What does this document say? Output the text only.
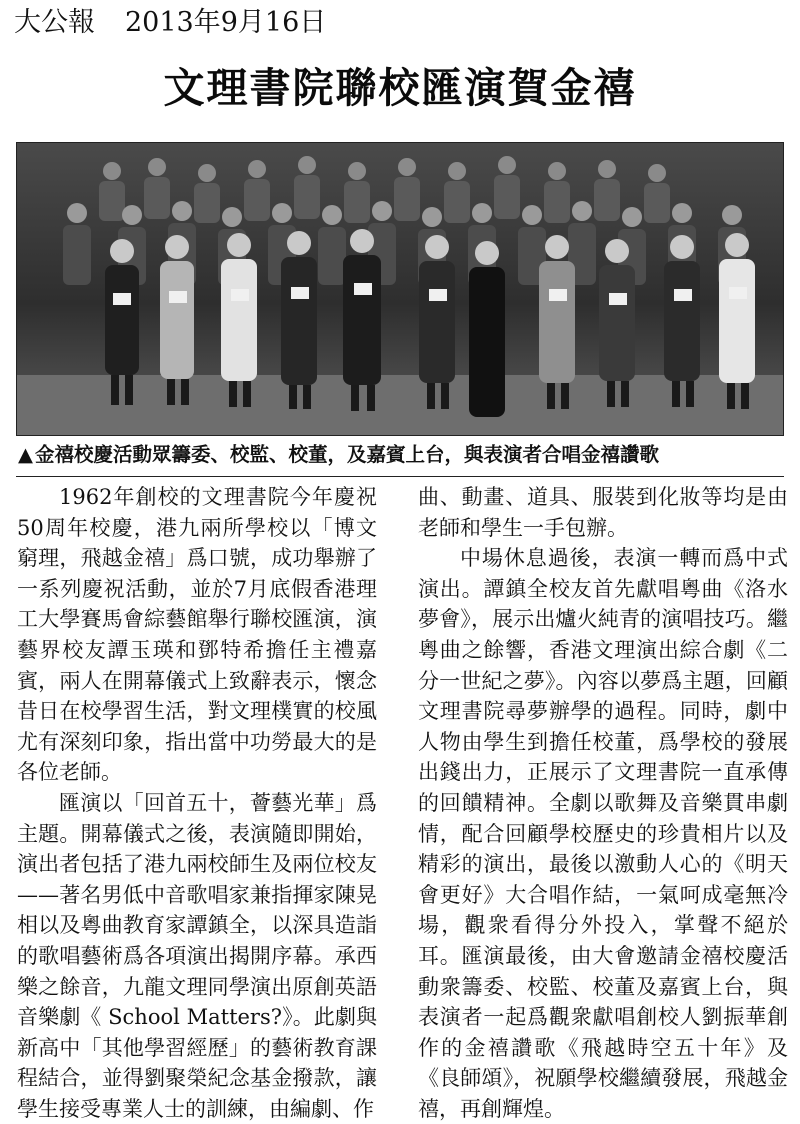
大公報 2013年9月16日
文理書院聯校匯演賀金禧
▲ 金禧校慶活動眾籌委、校監、校董，及嘉賓上台，與表演者合唱金禧讚歌

1962年創校的文理書院今年慶祝50周年校慶，港九兩所學校以「博文窮理，飛越金禧」爲口號，成功舉辦了一系列慶祝活動，並於7月底假香港理工大學賽馬會綜藝館舉行聯校匯演，演藝界校友譚玉瑛和鄧特希擔任主禮嘉賓，兩人在開幕儀式上致辭表示，懷念昔日在校學習生活，對文理樸實的校風尤有深刻印象，指出當中功勞最大的是各位老師。

匯演以「回首五十，薈藝光華」爲主題。開幕儀式之後，表演隨即開始，演出者包括了港九兩校師生及兩位校友——著名男低中音歌唱家兼指揮家陳晃相以及粵曲教育家譚鎮全，以深具造詣的歌唱藝術爲各項演出揭開序幕。承西樂之餘音，九龍文理同學演出原創英語音樂劇《 School Matters?》。此劇與新高中「其他學習經歷」的藝術教育課程結合，並得劉聚榮紀念基金撥款，讓學生接受專業人士的訓練，由編劇、作

曲、動畫、道具、服裝到化妝等均是由老師和學生一手包辦。

中場休息過後，表演一轉而爲中式演出。譚鎮全校友首先獻唱粵曲《洛水夢會》，展示出爐火純青的演唱技巧。繼粵曲之餘響，香港文理演出綜合劇《二分一世紀之夢》。內容以夢爲主題，回顧文理書院尋夢辦學的過程。同時，劇中人物由學生到擔任校董，爲學校的發展出錢出力，正展示了文理書院一直承傳的回饋精神。全劇以歌舞及音樂貫串劇情，配合回顧學校歷史的珍貴相片以及精彩的演出，最後以激動人心的《明天會更好》大合唱作結，一氣呵成毫無冷場，觀衆看得分外投入，掌聲不絕於耳。匯演最後，由大會邀請金禧校慶活動衆籌委、校監、校董及嘉賓上台，與表演者一起爲觀衆獻唱創校人劉振華創作的金禧讚歌《飛越時空五十年》及《良師頌》，祝願學校繼續發展，飛越金禧，再創輝煌。
